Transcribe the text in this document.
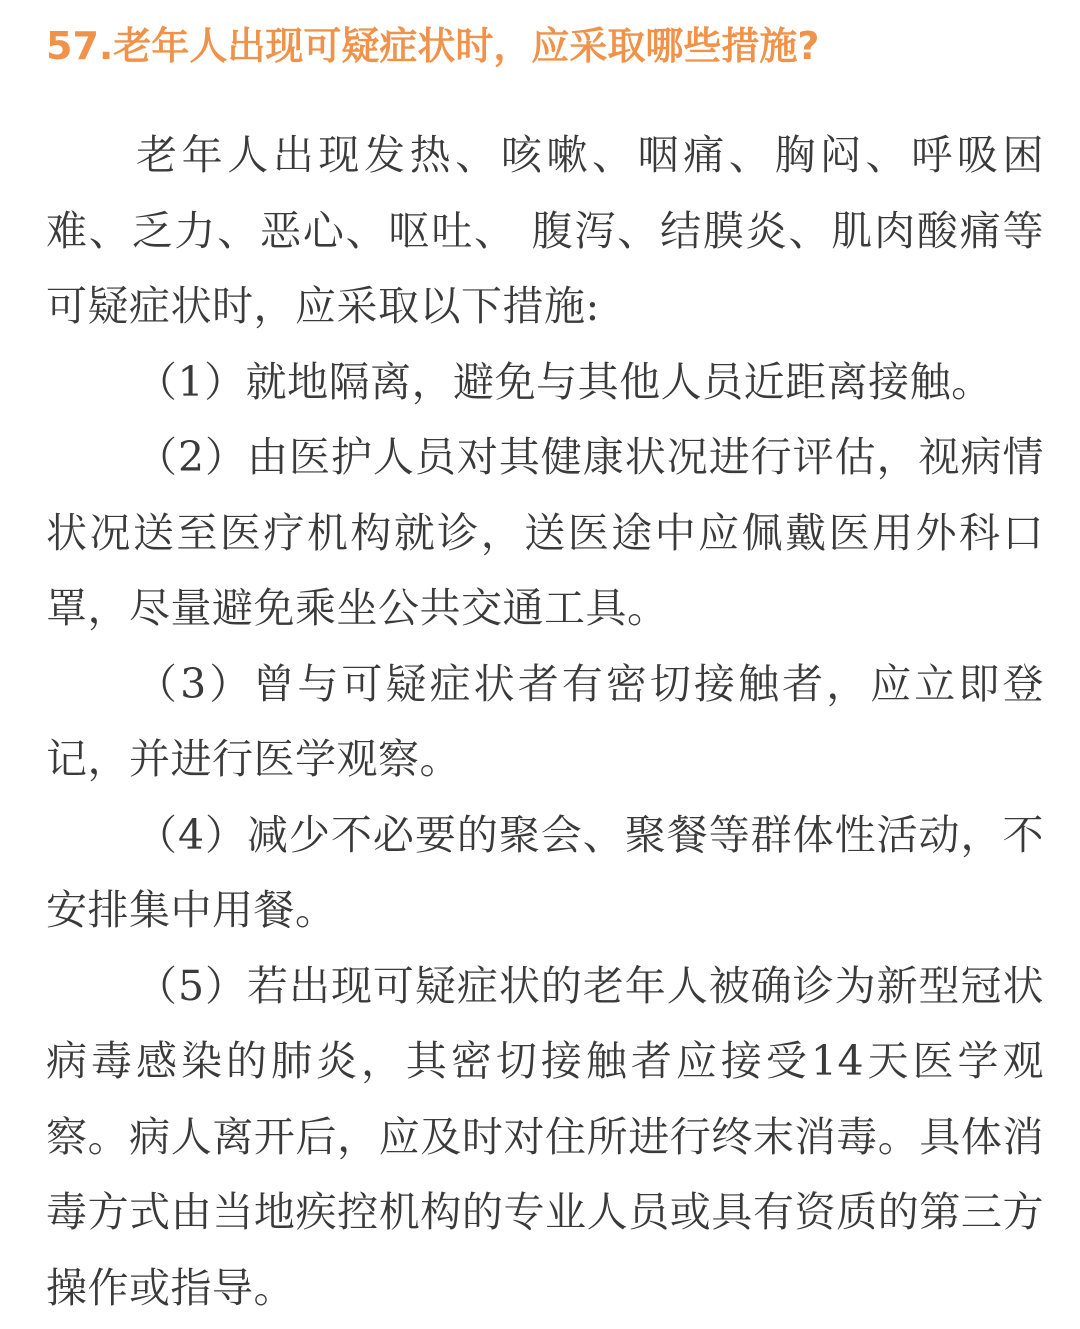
57.老年人出现可疑症状时，应采取哪些措施?

老年人出现发热、咳嗽、咽痛、胸闷、呼吸困难、乏力、恶心、呕吐、 腹泻、结膜炎、肌肉酸痛等可疑症状时，应采取以下措施:

（1）就地隔离，避免与其他人员近距离接触。

（2）由医护人员对其健康状况进行评估，视病情状况送至医疗机构就诊，送医途中应佩戴医用外科口罩，尽量避免乘坐公共交通工具。

（3）曾与可疑症状者有密切接触者，应立即登记，并进行医学观察。

（4）减少不必要的聚会、聚餐等群体性活动，不安排集中用餐。

（5）若出现可疑症状的老年人被确诊为新型冠状病毒感染的肺炎，其密切接触者应接受14天医学观察。病人离开后，应及时对住所进行终末消毒。具体消毒方式由当地疾控机构的专业人员或具有资质的第三方操作或指导。
